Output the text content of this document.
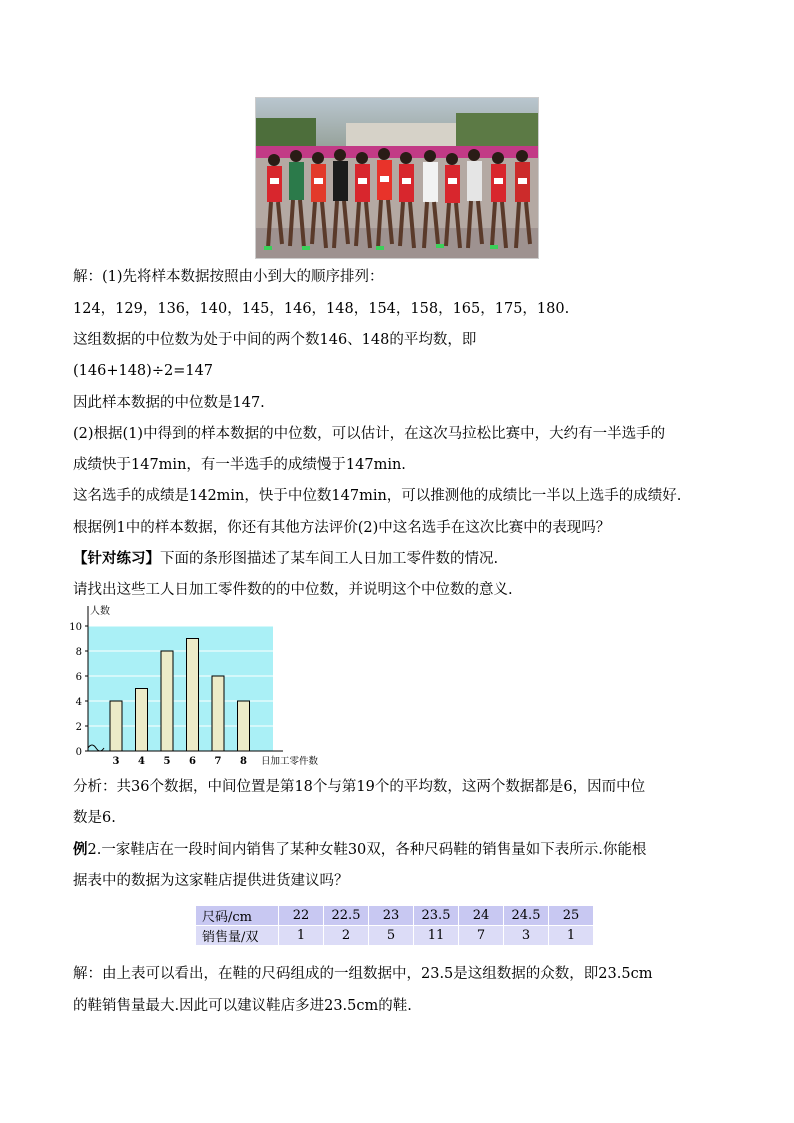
解：(1)先将样本数据按照由小到大的顺序排列：
124，129，136，140，145，146，148，154，158，165，175，180.
这组数据的中位数为处于中间的两个数146、148的平均数，即
(146+148)÷2=147
因此样本数据的中位数是147.
(2)根据(1)中得到的样本数据的中位数，可以估计，在这次马拉松比赛中，大约有一半选手的
成绩快于147min，有一半选手的成绩慢于147min.
这名选手的成绩是142min，快于中位数147min，可以推测他的成绩比一半以上选手的成绩好.
根据例1中的样本数据，你还有其他方法评价(2)中这名选手在这次比赛中的表现吗？
【针对练习】下面的条形图描述了某车间工人日加工零件数的情况.
请找出这些工人日加工零件数的的中位数，并说明这个中位数的意义.
0
2
4
6
8
10
3 4 5 6 7 8
人数
日加工零件数
分析：共36个数据，中间位置是第18个与第19个的平均数，这两个数据都是6，因而中位
数是6.
例2.一家鞋店在一段时间内销售了某种女鞋30双，各种尺码鞋的销售量如下表所示.你能根
据表中的数据为这家鞋店提供进货建议吗？
尺码/cm	22	22.5	23	23.5	24	24.5	25
销售量/双	1	2	5	11	7	3	1
解：由上表可以看出，在鞋的尺码组成的一组数据中，23.5是这组数据的众数，即23.5cm
的鞋销售量最大.因此可以建议鞋店多进23.5cm的鞋.
